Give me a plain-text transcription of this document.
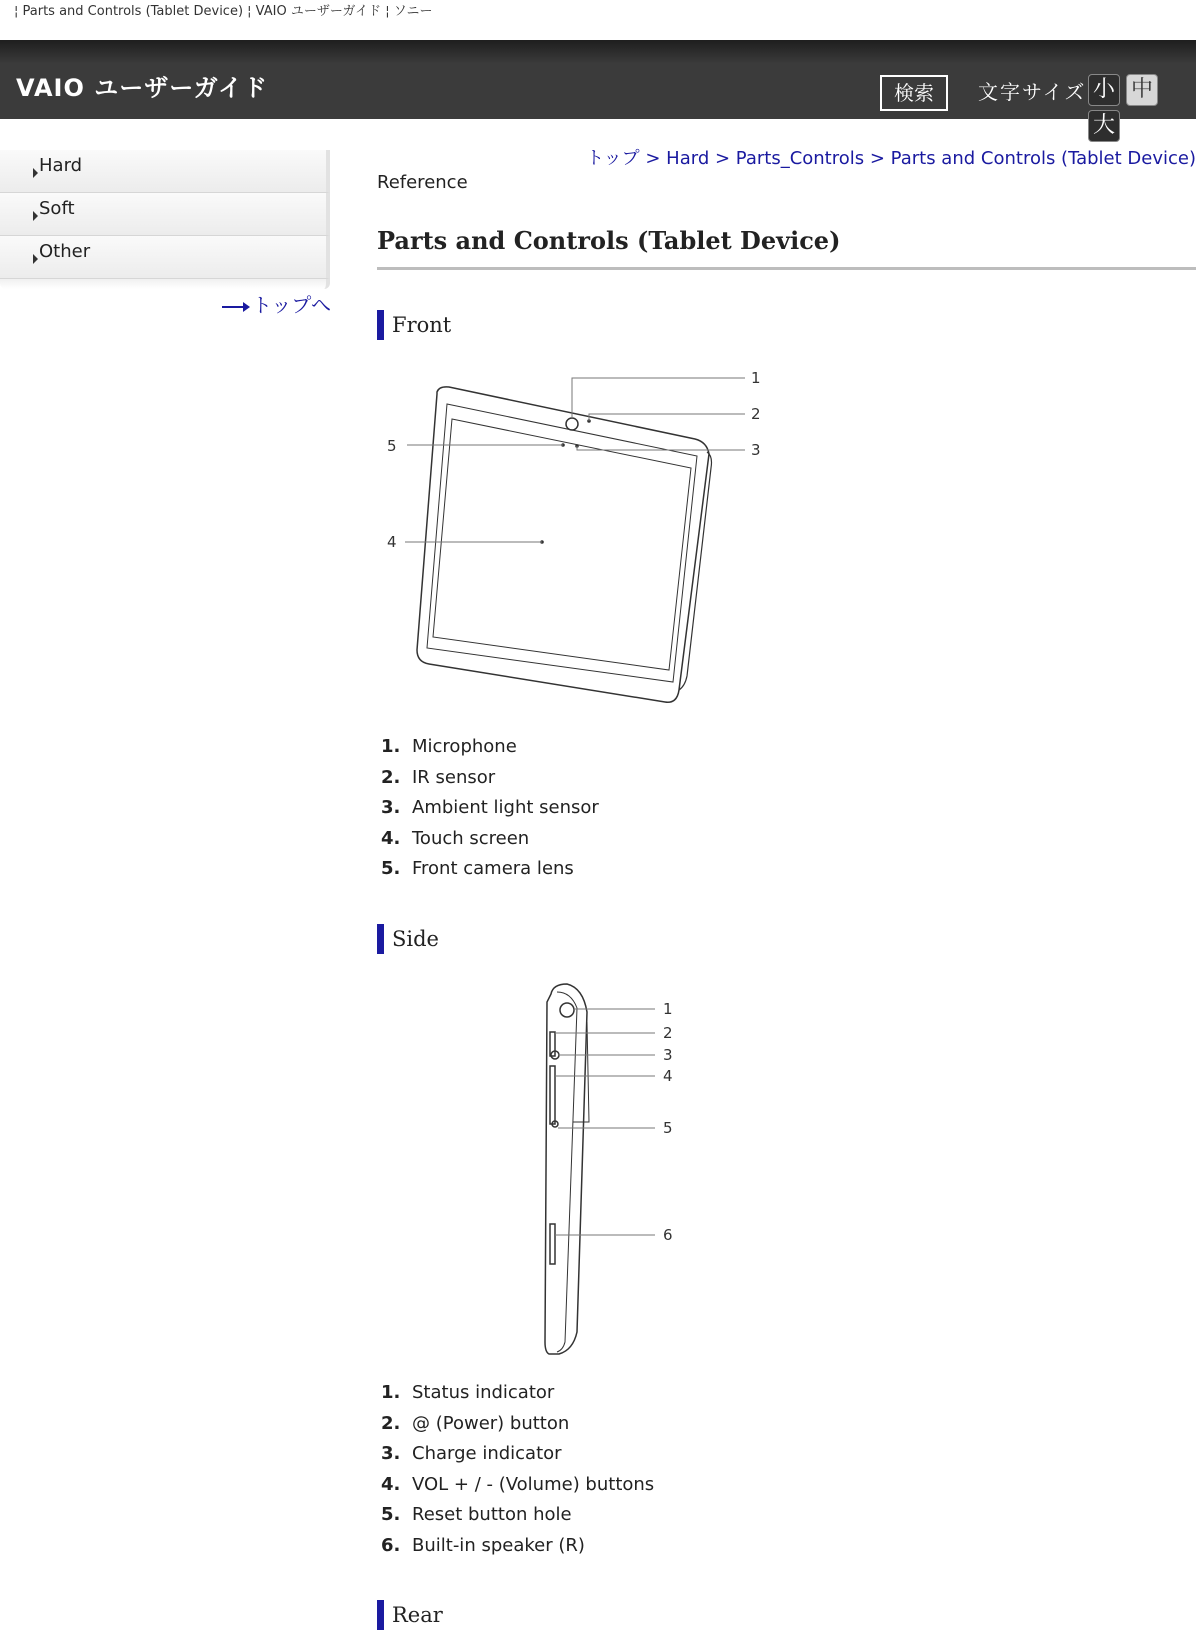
¦ Parts and Controls (Tablet Device) ¦ VAIO ユーザーガイド ¦ ソニー
VAIO ユーザーガイド	検索	文字サイズ 小 中
大
Hard
Soft
Other
トップへ
トップ > Hard > Parts_Controls > Parts and Controls (Tablet Device)
Reference
Parts and Controls (Tablet Device)
Front
1
2
3
4
5
1. Microphone
2. IR sensor
3. Ambient light sensor
4. Touch screen
5. Front camera lens
Side
1
2
3
4
5
6
1. Status indicator
2. @ (Power) button
3. Charge indicator
4. VOL + / - (Volume) buttons
5. Reset button hole
6. Built-in speaker (R)
Rear
